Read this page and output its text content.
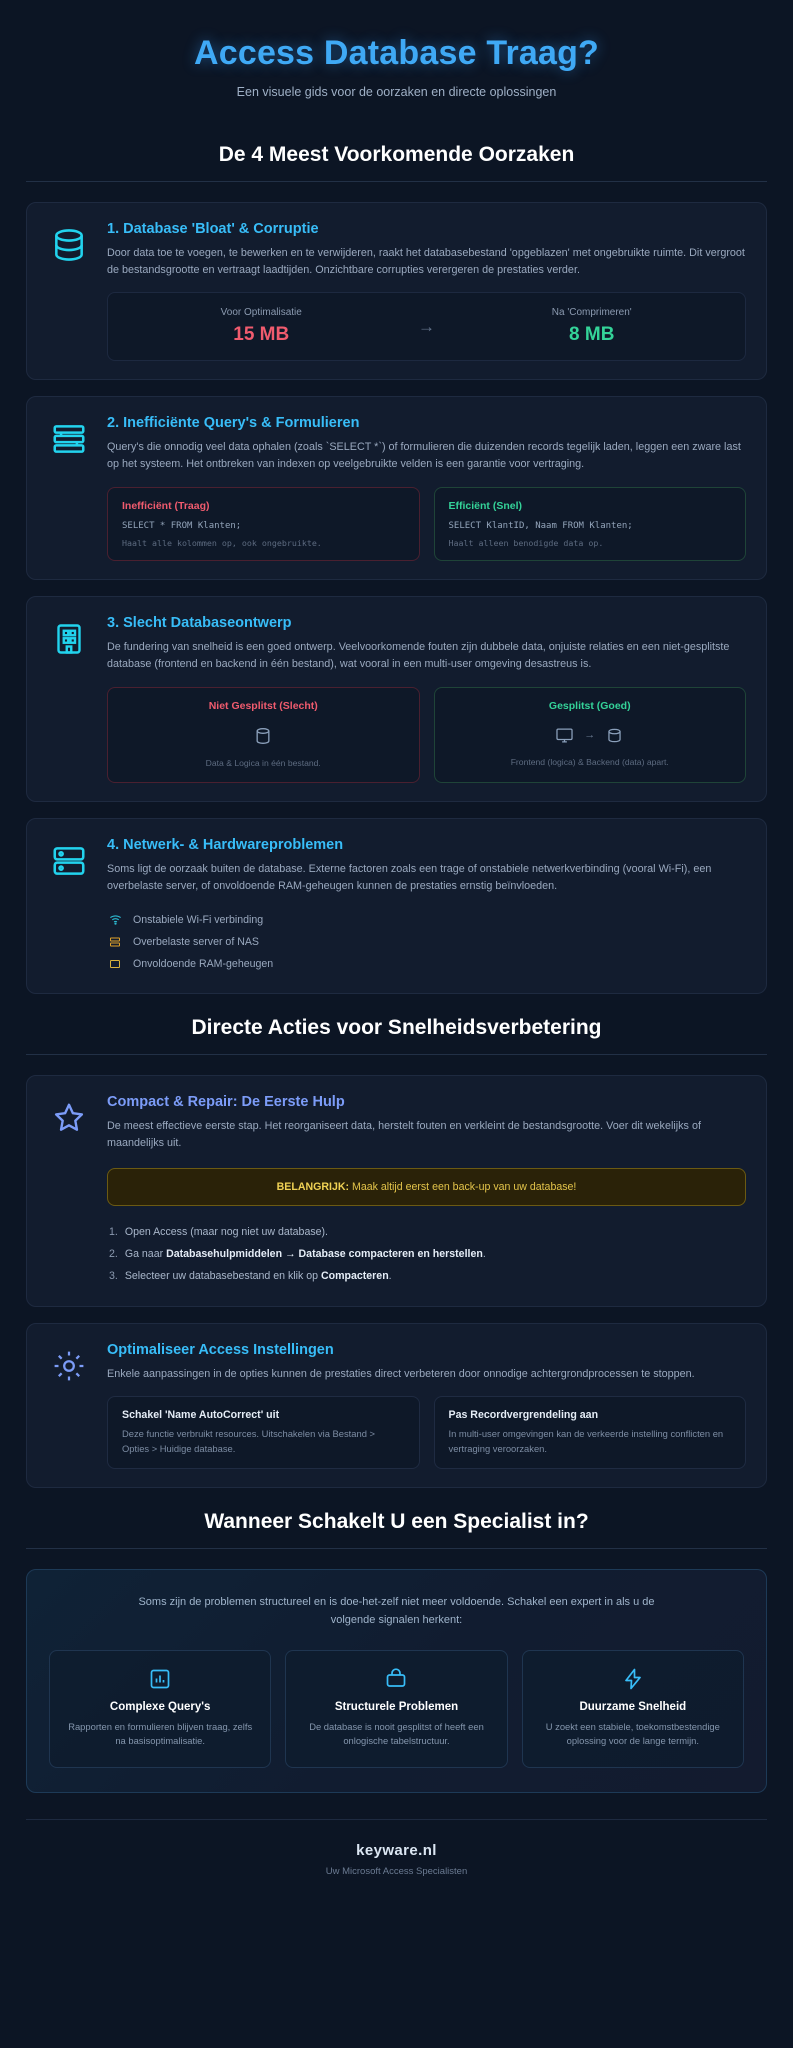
Access Database Traag?
Een visuele gids voor de oorzaken en directe oplossingen
De 4 Meest Voorkomende Oorzaken
1. Database 'Bloat' & Corruptie
Door data toe te voegen, te bewerken en te verwijderen, raakt het databasebestand 'opgeblazen' met ongebruikte ruimte. Dit vergroot de bestandsgrootte en vertraagt laadtijden. Onzichtbare corrupties verergeren de prestaties verder.
Voor Optimalisatie
15 MB	→
Na 'Comprimeren'
8 MB
2. Inefficiënte Query's & Formulieren
Query's die onnodig veel data ophalen (zoals `SELECT *`) of formulieren die duizenden records tegelijk laden, leggen een zware last op het systeem. Het ontbreken van indexen op veelgebruikte velden is een garantie voor vertraging.
Inefficiënt (Traag)
SELECT * FROM Klanten;
Haalt alle kolommen op, ook ongebruikte.
Efficiënt (Snel)
SELECT KlantID, Naam FROM Klanten;
Haalt alleen benodigde data op.
3. Slecht Databaseontwerp
De fundering van snelheid is een goed ontwerp. Veelvoorkomende fouten zijn dubbele data, onjuiste relaties en een niet-gesplitste database (frontend en backend in één bestand), wat vooral in een multi-user omgeving desastreus is.
Niet Gesplitst (Slecht)
Data & Logica in één bestand.
Gesplitst (Goed)
→
Frontend (logica) & Backend (data) apart.
4. Netwerk- & Hardwareproblemen
Soms ligt de oorzaak buiten de database. Externe factoren zoals een trage of onstabiele netwerkverbinding (vooral Wi-Fi), een overbelaste server, of onvoldoende RAM-geheugen kunnen de prestaties ernstig beïnvloeden.
Onstabiele Wi-Fi verbinding
Overbelaste server of NAS
Onvoldoende RAM-geheugen
Directe Acties voor Snelheidsverbetering
Compact & Repair: De Eerste Hulp
De meest effectieve eerste stap. Het reorganiseert data, herstelt fouten en verkleint de bestandsgrootte. Voer dit wekelijks of maandelijks uit.
BELANGRIJK: Maak altijd eerst een back-up van uw database!
1. Open Access (maar nog niet uw database).
2. Ga naar Databasehulpmiddelen → Database compacteren en herstellen.
3. Selecteer uw databasebestand en klik op Compacteren.
Optimaliseer Access Instellingen
Enkele aanpassingen in de opties kunnen de prestaties direct verbeteren door onnodige achtergrondprocessen te stoppen.
Schakel 'Name AutoCorrect' uit
Deze functie verbruikt resources. Uitschakelen via Bestand > Opties > Huidige database.
Pas Recordvergrendeling aan
In multi-user omgevingen kan de verkeerde instelling conflicten en vertraging veroorzaken.
Wanneer Schakelt U een Specialist in?
Soms zijn de problemen structureel en is doe-het-zelf niet meer voldoende. Schakel een expert in als u de volgende signalen herkent:
Complexe Query's
Rapporten en formulieren blijven traag, zelfs na basisoptimalisatie.
Structurele Problemen
De database is nooit gesplitst of heeft een onlogische tabelstructuur.
Duurzame Snelheid
U zoekt een stabiele, toekomstbestendige oplossing voor de lange termijn.
keyware.nl
Uw Microsoft Access Specialisten
